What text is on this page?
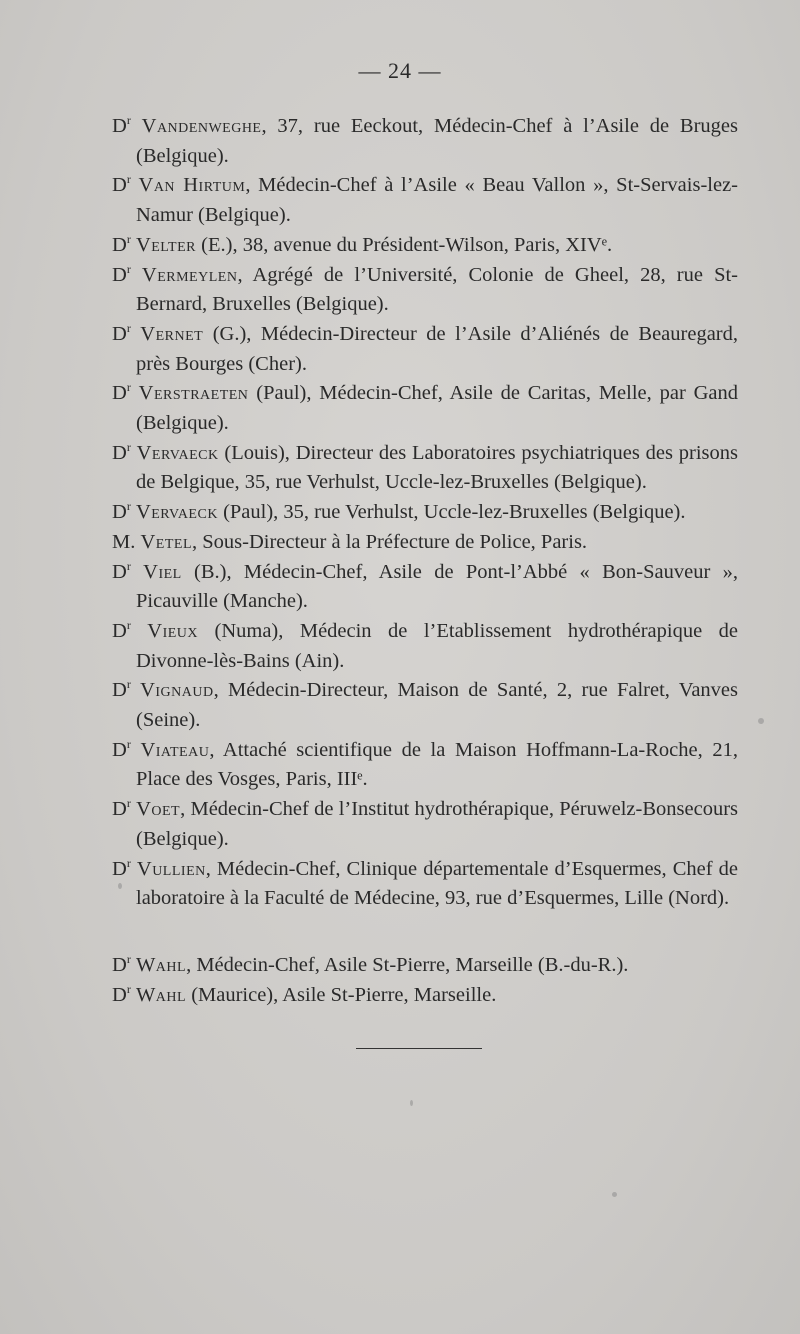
— 24 —
$D^r$ Vandenweghe, 37, rue Eeckout, Médecin-Chef à l’Asile de Bruges (Belgique).
$D^r$ Van Hirtum, Médecin-Chef à l’Asile « Beau Vallon », St-Servais-lez-Namur (Belgique).
$D^r$ Velter (E.), 38, avenue du Président-Wilson, Paris, XIVᵉ.
$D^r$ Vermeylen, Agrégé de l’Université, Colonie de Gheel, 28, rue St-Bernard, Bruxelles (Belgique).
$D^r$ Vernet (G.), Médecin-Directeur de l’Asile d’Aliénés de Beauregard, près Bourges (Cher).
$D^r$ Verstraeten (Paul), Médecin-Chef, Asile de Caritas, Melle, par Gand (Belgique).
$D^r$ Vervaeck (Louis), Directeur des Laboratoires psychiatriques des prisons de Belgique, 35, rue Verhulst, Uccle-lez-Bruxelles (Belgique).
$D^r$ Vervaeck (Paul), 35, rue Verhulst, Uccle-lez-Bruxelles (Belgique).
M. Vetel, Sous-Directeur à la Préfecture de Police, Paris.
$D^r$ Viel (B.), Médecin-Chef, Asile de Pont-l’Abbé « Bon-Sauveur », Picauville (Manche).
$D^r$ Vieux (Numa), Médecin de l’Etablissement hydrothérapique de Divonne-lès-Bains (Ain).
$D^r$ Vignaud, Médecin-Directeur, Maison de Santé, 2, rue Falret, Vanves (Seine).
$D^r$ Viateau, Attaché scientifique de la Maison Hoffmann-La-Roche, 21, Place des Vosges, Paris, IIIᵉ.
$D^r$ Voet, Médecin-Chef de l’Institut hydrothérapique, Péruwelz-Bonsecours (Belgique).
$D^r$ Vullien, Médecin-Chef, Clinique départementale d’Esquermes, Chef de laboratoire à la Faculté de Médecine, 93, rue d’Esquermes, Lille (Nord).
$D^r$ Wahl, Médecin-Chef, Asile St-Pierre, Marseille (B.-du-R.).
$D^r$ Wahl (Maurice), Asile St-Pierre, Marseille.
